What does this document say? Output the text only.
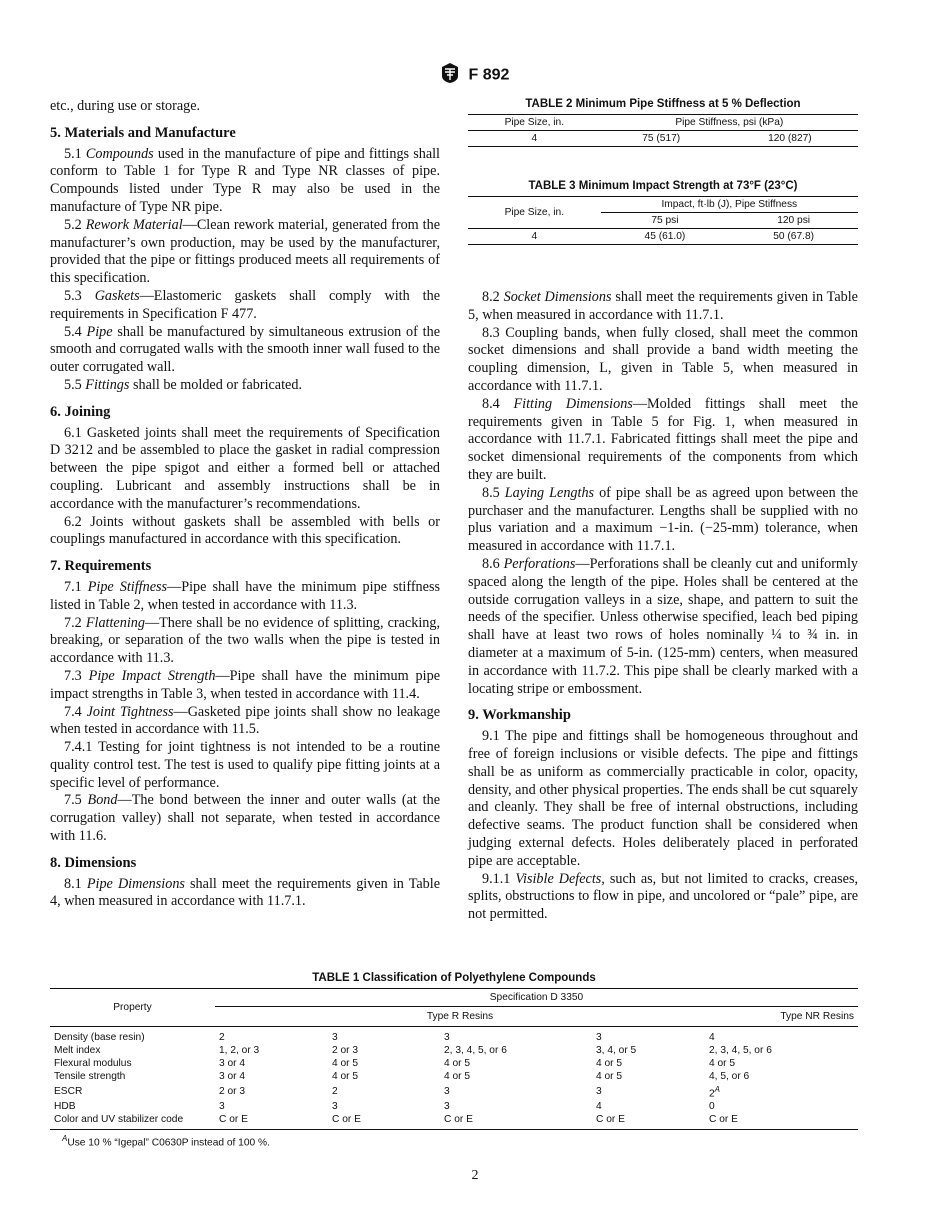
F 892

etc., during use or storage.

5. Materials and Manufacture

5.1 Compounds used in the manufacture of pipe and fittings shall conform to Table 1 for Type R and Type NR classes of pipe. Compounds listed under Type R may also be used in the manufacture of Type NR pipe.

5.2 Rework Material—Clean rework material, generated from the manufacturer’s own production, may be used by the manufacturer, provided that the pipe or fittings produced meets all requirements of this specification.

5.3 Gaskets—Elastomeric gaskets shall comply with the requirements in Specification F 477.

5.4 Pipe shall be manufactured by simultaneous extrusion of the smooth and corrugated walls with the smooth inner wall fused to the outer corrugated wall.

5.5 Fittings shall be molded or fabricated.

6. Joining

6.1 Gasketed joints shall meet the requirements of Specification D 3212 and be assembled to place the gasket in radial compression between the pipe spigot and either a formed bell or attached coupling. Lubricant and assembly instructions shall be in accordance with the manufacturer’s recommendations.

6.2 Joints without gaskets shall be assembled with bells or couplings manufactured in accordance with this specification.

7. Requirements

7.1 Pipe Stiffness—Pipe shall have the minimum pipe stiffness listed in Table 2, when tested in accordance with 11.3.

7.2 Flattening—There shall be no evidence of splitting, cracking, breaking, or separation of the two walls when the pipe is tested in accordance with 11.3.

7.3 Pipe Impact Strength—Pipe shall have the minimum pipe impact strengths in Table 3, when tested in accordance with 11.4.

7.4 Joint Tightness—Gasketed pipe joints shall show no leakage when tested in accordance with 11.5.

7.4.1 Testing for joint tightness is not intended to be a routine quality control test. The test is used to qualify pipe fitting joints at a specific level of performance.

7.5 Bond—The bond between the inner and outer walls (at the corrugation valley) shall not separate, when tested in accordance with 11.6.

8. Dimensions

8.1 Pipe Dimensions shall meet the requirements given in Table 4, when measured in accordance with 11.7.1.

TABLE 2 Minimum Pipe Stiffness at 5 % Deflection
Pipe Size, in.	Pipe Stiffness, psi (kPa)	
4	75 (517)	120 (827)
TABLE 3 Minimum Impact Strength at 73°F (23°C)
Pipe Size, in.	Impact, ft·lb (J), Pipe Stiffness	
	75 psi	120 psi
4	45 (61.0)	50 (67.8)

8.2 Socket Dimensions shall meet the requirements given in Table 5, when measured in accordance with 11.7.1.

8.3 Coupling bands, when fully closed, shall meet the common socket dimensions and shall provide a band width meeting the coupling dimension, L, given in Table 5, when measured in accordance with 11.7.1.

8.4 Fitting Dimensions—Molded fittings shall meet the requirements given in Table 5 for Fig. 1, when measured in accordance with 11.7.1. Fabricated fittings shall meet the pipe and socket dimensional requirements of the components from which they are built.

8.5 Laying Lengths of pipe shall be as agreed upon between the purchaser and the manufacturer. Lengths shall be supplied with no plus variation and a maximum −1-in. (−25-mm) tolerance, when measured in accordance with 11.7.1.

8.6 Perforations—Perforations shall be cleanly cut and uniformly spaced along the length of the pipe. Holes shall be centered at the outside corrugation valleys in a size, shape, and pattern to suit the needs of the specifier. Unless otherwise specified, leach bed piping shall have at least two rows of holes nominally ¼ to ¾ in. in diameter at a maximum of 5-in. (125-mm) centers, when measured in accordance with 11.7.2. This pipe shall be clearly marked with a locating stripe or embossment.

9. Workmanship

9.1 The pipe and fittings shall be homogeneous throughout and free of foreign inclusions or visible defects. The pipe and fittings shall be as uniform as commercially practicable in color, opacity, density, and other physical properties. The ends shall be cut squarely and cleanly. They shall be free of internal obstructions, including defective seams. The product function shall be considered when judging external defects. Holes deliberately placed in perforated pipe are acceptable.

9.1.1 Visible Defects, such as, but not limited to cracks, creases, splits, obstructions to flow in pipe, and uncolored or “pale” pipe, are not permitted.

TABLE 1 Classification of Polyethylene Compounds
Property	Specification D 3350				
	Type R Resins				Type NR Resins
Density (base resin)	2	3	3	3	4
Melt index	1, 2, or 3	2 or 3	2, 3, 4, 5, or 6	3, 4, or 5	2, 3, 4, 5, or 6
Flexural modulus	3 or 4	4 or 5	4 or 5	4 or 5	4 or 5
Tensile strength	3 or 4	4 or 5	4 or 5	4 or 5	4, 5, or 6
ESCR	2 or 3	2	3	3	$2^A$
HDB	3	3	3	4	0
Color and UV stabilizer code	C or E	C or E	C or E	C or E	C or E
$^A$Use 10 % “Igepal” C0630P instead of 100 %.
2
